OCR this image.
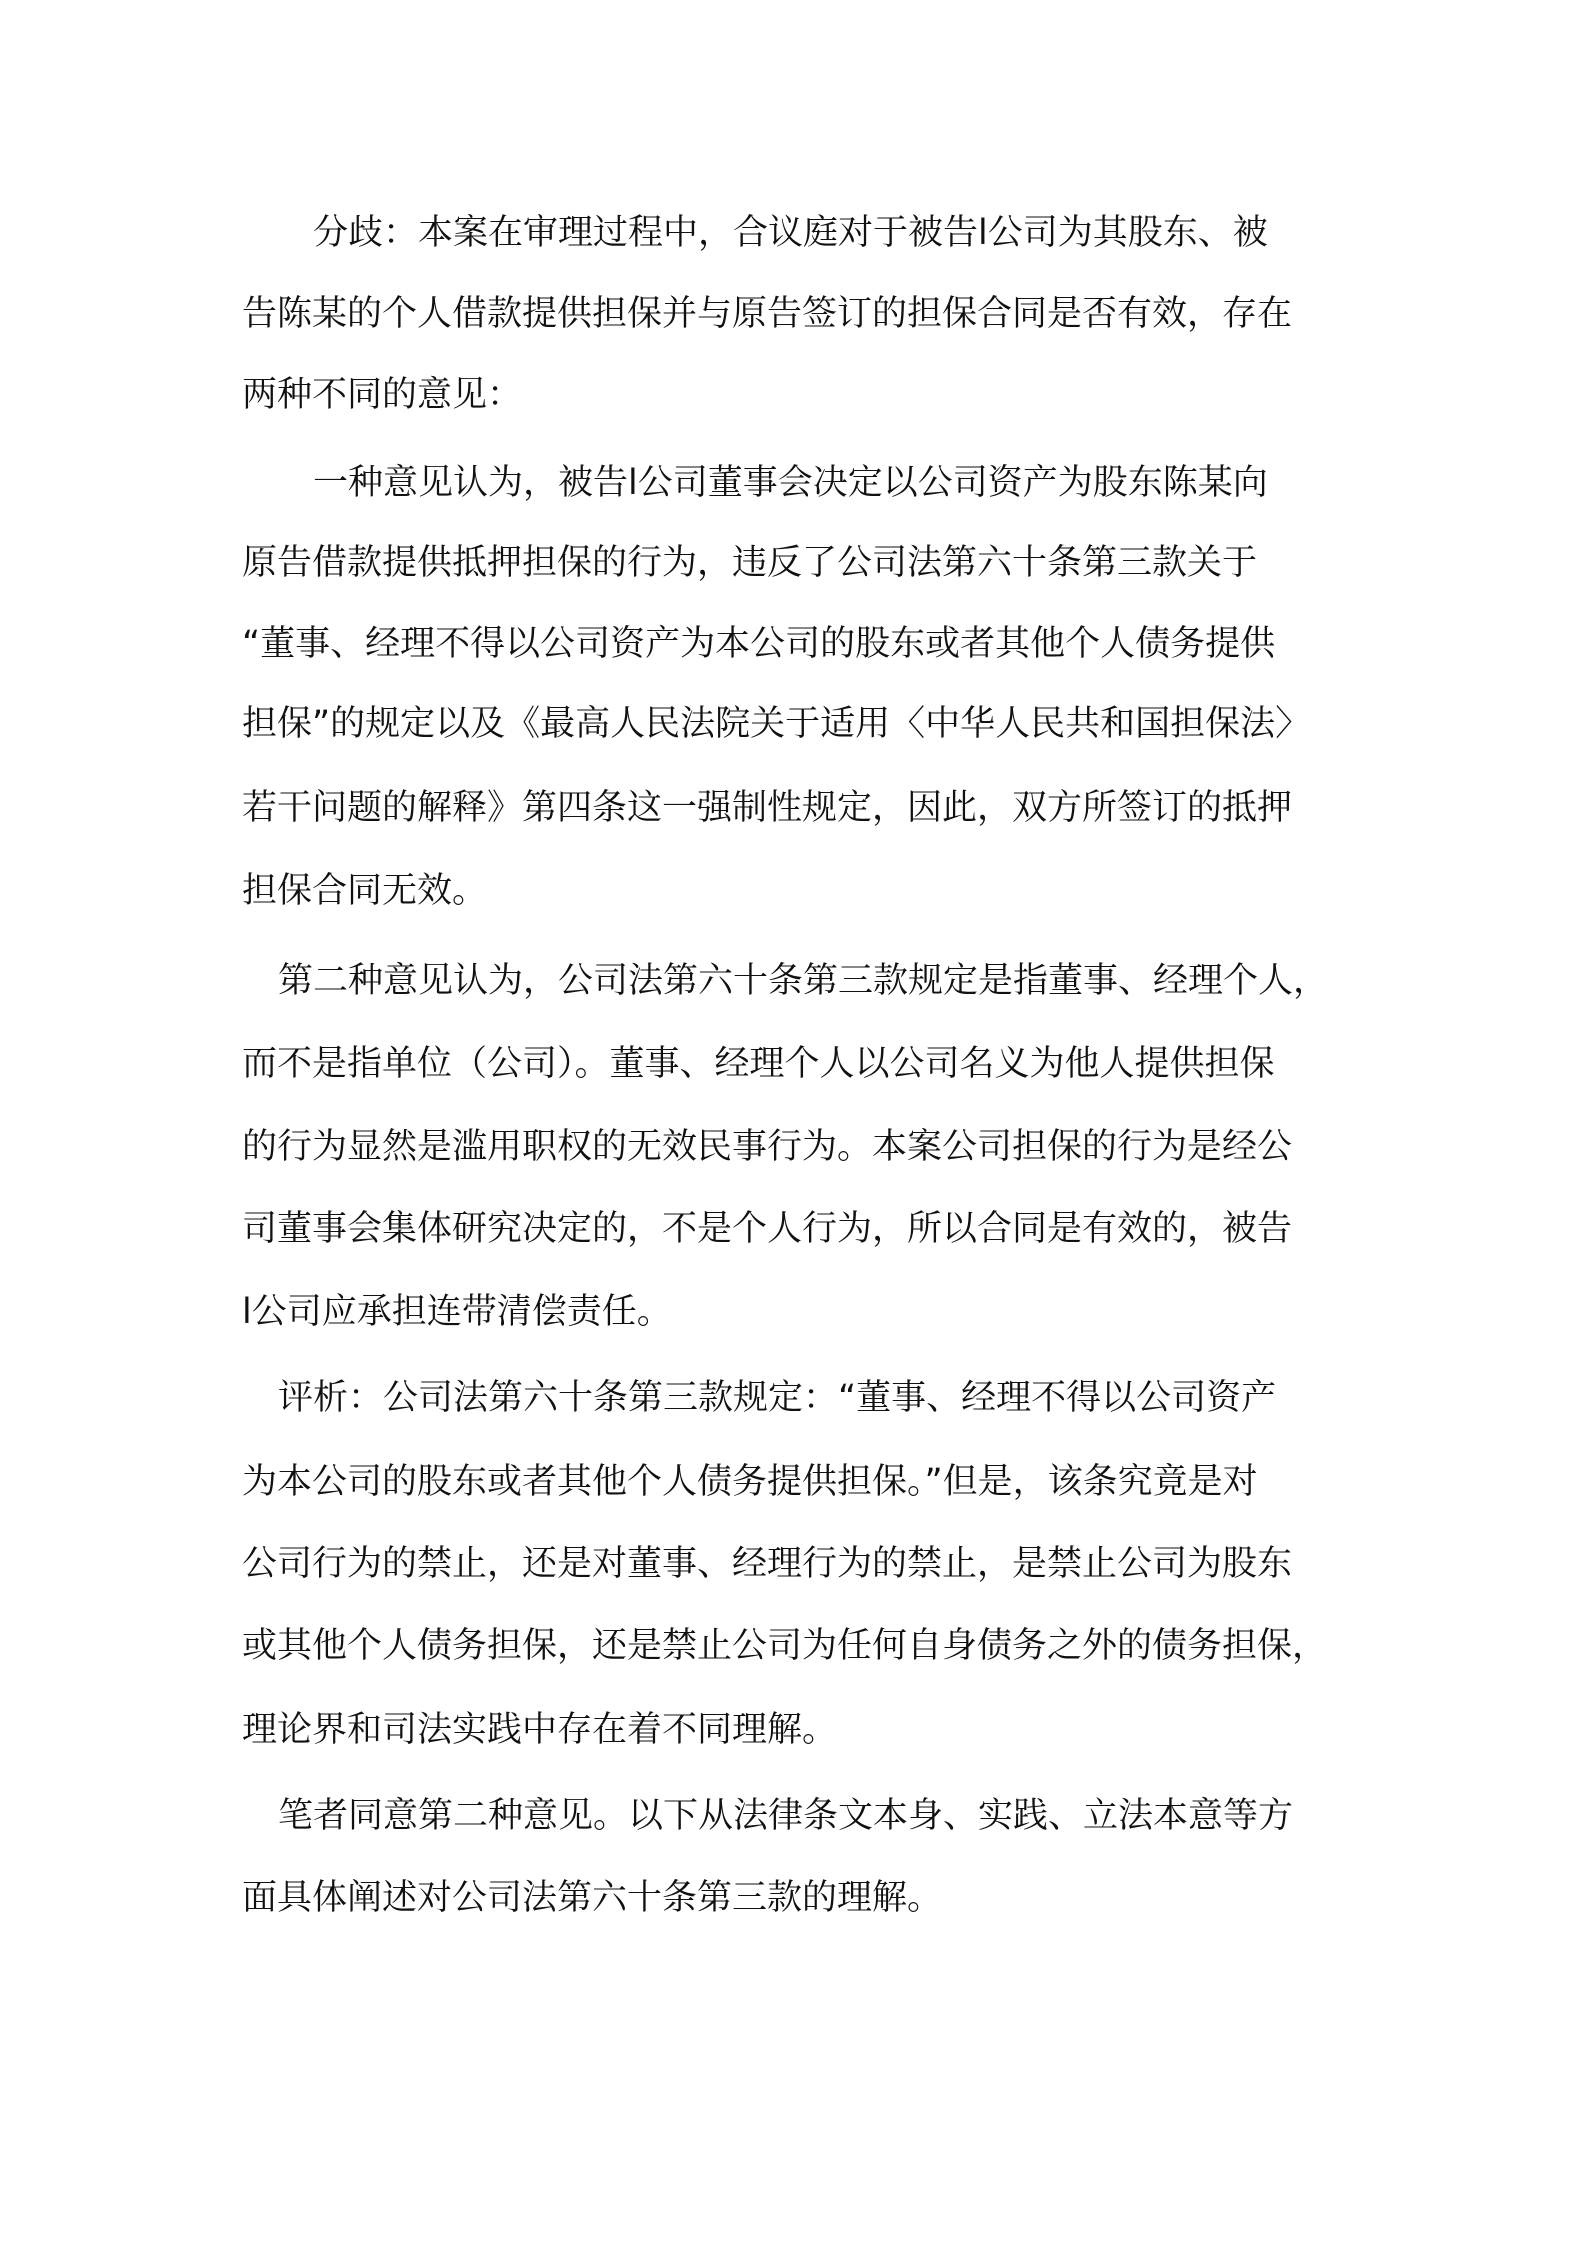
分歧：本案在审理过程中，合议庭对于被告l公司为其股东、被
告陈某的个人借款提供担保并与原告签订的担保合同是否有效，存在
两种不同的意见：
一种意见认为，被告l公司董事会决定以公司资产为股东陈某向
原告借款提供抵押担保的行为，违反了公司法第六十条第三款关于
“董事、经理不得以公司资产为本公司的股东或者其他个人债务提供
担保”的规定以及《最高人民法院关于适用〈中华人民共和国担保法〉
若干问题的解释》第四条这一强制性规定，因此，双方所签订的抵押
担保合同无效。
第二种意见认为，公司法第六十条第三款规定是指董事、经理个人，
而不是指单位（公司）。董事、经理个人以公司名义为他人提供担保
的行为显然是滥用职权的无效民事行为。本案公司担保的行为是经公
司董事会集体研究决定的，不是个人行为，所以合同是有效的，被告
l公司应承担连带清偿责任。
评析：公司法第六十条第三款规定：“董事、经理不得以公司资产
为本公司的股东或者其他个人债务提供担保。”但是，该条究竟是对
公司行为的禁止，还是对董事、经理行为的禁止，是禁止公司为股东
或其他个人债务担保，还是禁止公司为任何自身债务之外的债务担保，
理论界和司法实践中存在着不同理解。
笔者同意第二种意见。以下从法律条文本身、实践、立法本意等方
面具体阐述对公司法第六十条第三款的理解。
